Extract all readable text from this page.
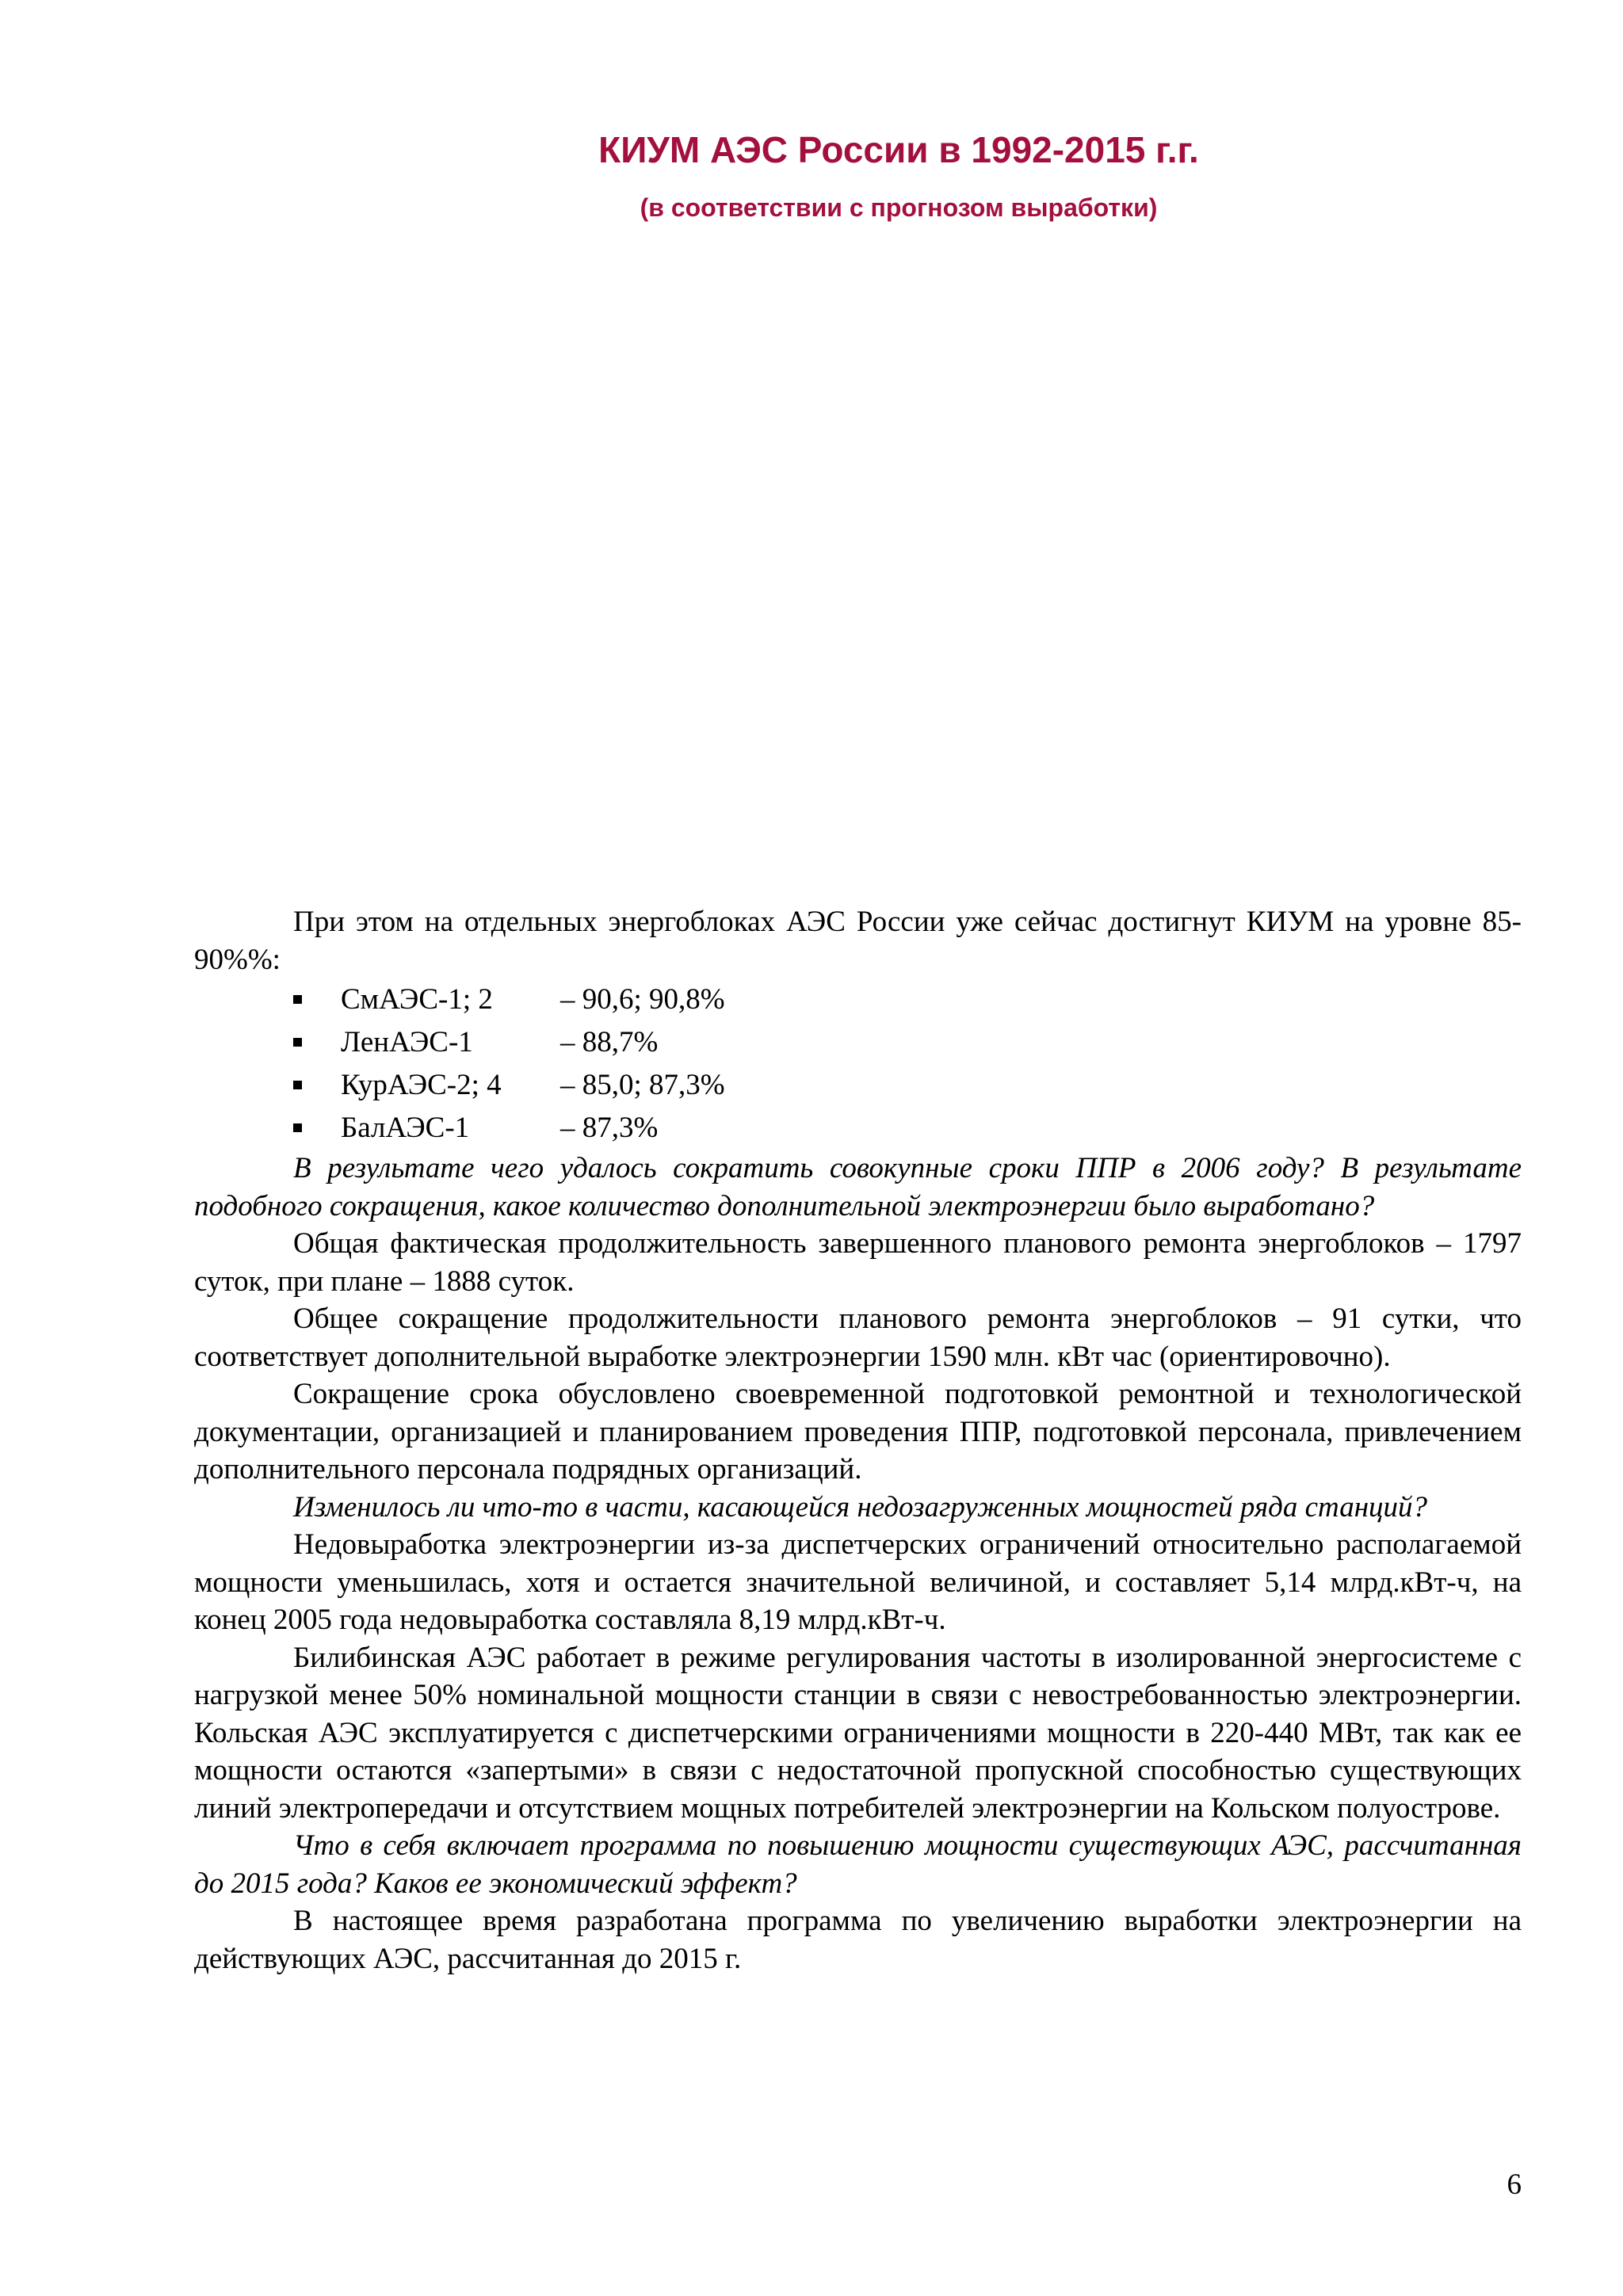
КИУМ АЭС России в 1992-2015 г.г.
(в соответствии с прогнозом выработки)

При этом на отдельных энергоблоках АЭС России уже сейчас достигнут КИУМ на уровне 85-90%%:

СмАЭС-1; 2 – 90,6; 90,8%
ЛенАЭС-1	– 88,7%
КурАЭС-2; 4 – 85,0; 87,3%
БалАЭС-1	– 87,3%

В результате чего удалось сократить совокупные сроки ППР в 2006 году? В результате подобного сокращения, какое количество дополнительной электроэнергии было выработано?

Общая фактическая продолжительность завершенного планового ремонта энергоблоков – 1797 суток, при плане – 1888 суток.

Общее сокращение продолжительности планового ремонта энергоблоков – 91 сутки, что соответствует дополнительной выработке электроэнергии 1590 млн. кВт час (ориентировочно).

Сокращение срока обусловлено своевременной подготовкой ремонтной и технологической документации, организацией и планированием проведения ППР, подготовкой персонала, привлечением дополнительного персонала подрядных организаций.

Изменилось ли что-то в части, касающейся недозагруженных мощностей ряда станций?

Недовыработка электроэнергии из-за диспетчерских ограничений относительно располагаемой мощности уменьшилась, хотя и остается значительной величиной, и составляет 5,14 млрд.кВт-ч, на конец 2005 года недовыработка составляла 8,19 млрд.кВт-ч.

Билибинская АЭС работает в режиме регулирования частоты в изолированной энергосистеме с нагрузкой менее 50% номинальной мощности станции в связи с невостребованностью электроэнергии. Кольская АЭС эксплуатируется с диспетчерскими ограничениями мощности в 220-440 МВт, так как ее мощности остаются «запертыми» в связи с недостаточной пропускной способностью существующих линий электропередачи и отсутствием мощных потребителей электроэнергии на Кольском полуострове.

Что в себя включает программа по повышению мощности существующих АЭС, рассчитанная до 2015 года? Каков ее экономический эффект?

В настоящее время разработана программа по увеличению выработки электроэнергии на действующих АЭС, рассчитанная до 2015 г.

6
